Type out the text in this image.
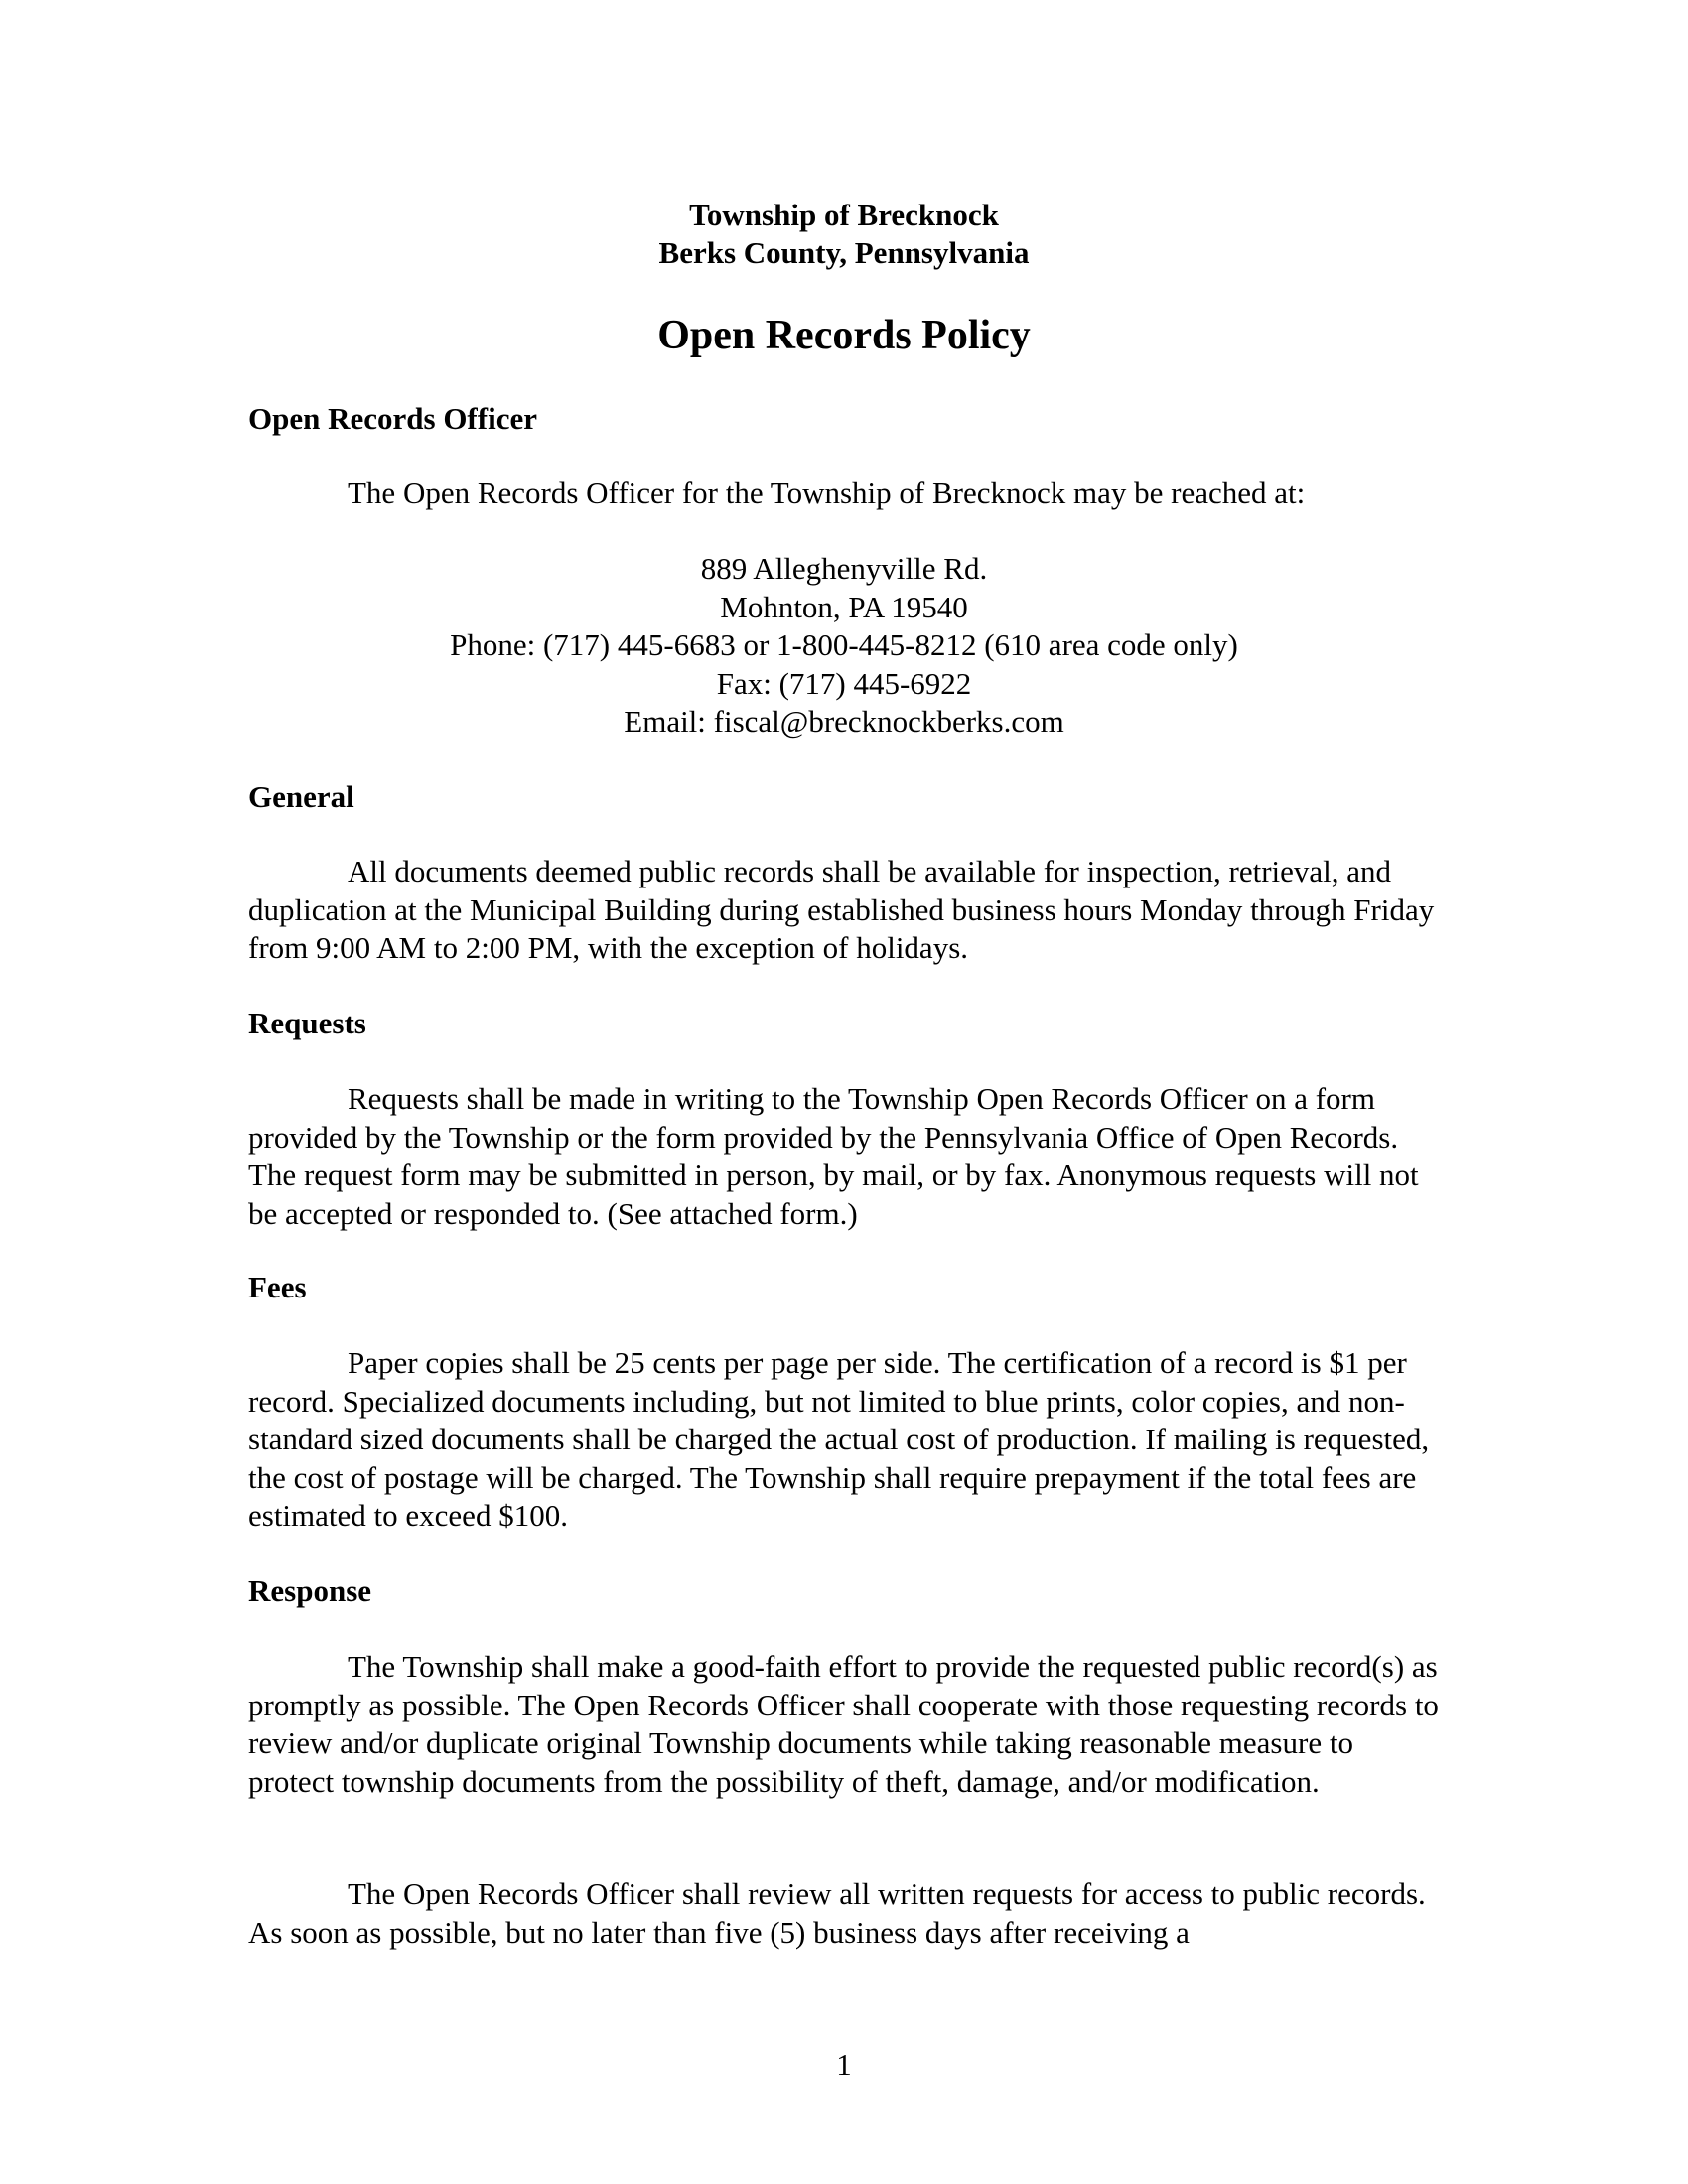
Township of Brecknock
Berks County, Pennsylvania
Open Records Policy
Open Records Officer

The Open Records Officer for the Township of Brecknock may be reached at:

889 Alleghenyville Rd.
Mohnton, PA 19540
Phone: (717) 445-6683 or 1-800-445-8212 (610 area code only)
Fax: (717) 445-6922
Email: fiscal@brecknockberks.com
General

All documents deemed public records shall be available for inspection, retrieval, and duplication at the Municipal Building during established business hours Monday through Friday from 9:00 AM to 2:00 PM, with the exception of holidays.

Requests

Requests shall be made in writing to the Township Open Records Officer on a form provided by the Township or the form provided by the Pennsylvania Office of Open Records. The request form may be submitted in person, by mail, or by fax. Anonymous requests will not be accepted or responded to. (See attached form.)

Fees

Paper copies shall be 25 cents per page per side. The certification of a record is $1 per record. Specialized documents including, but not limited to blue prints, color copies, and non-standard sized documents shall be charged the actual cost of production. If mailing is requested, the cost of postage will be charged. The Township shall require prepayment if the total fees are estimated to exceed $100.

Response

The Township shall make a good-faith effort to provide the requested public record(s) as promptly as possible. The Open Records Officer shall cooperate with those requesting records to review and/or duplicate original Township documents while taking reasonable measure to protect township documents from the possibility of theft, damage, and/or modification.

The Open Records Officer shall review all written requests for access to public records. As soon as possible, but no later than five (5) business days after receiving a

1
